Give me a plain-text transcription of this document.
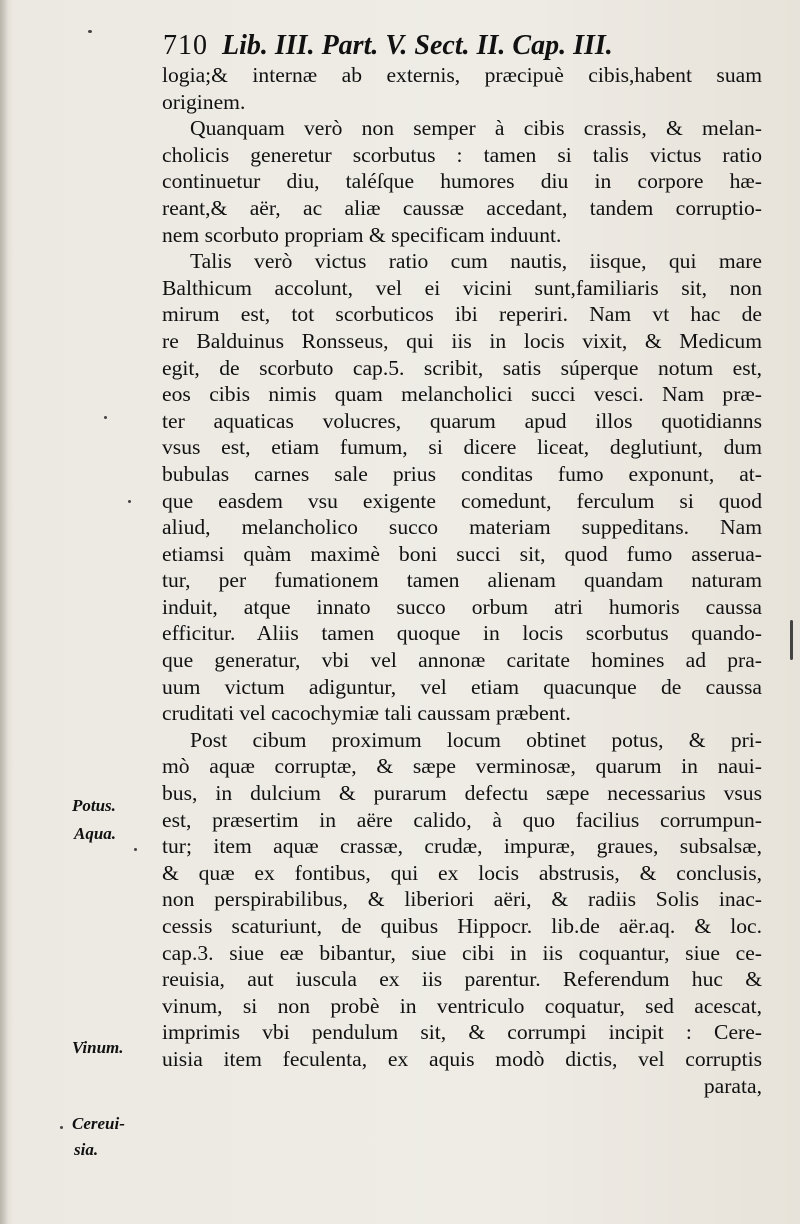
710 Lib. III. Part. V. Sect. II. Cap. III.
logia;& internæ ab externis, præcipuè cibis,habent suam
originem.
Quanquam verò non semper à cibis crassis, & melan-
cholicis generetur scorbutus : tamen si talis victus ratio
continuetur diu, taléſque humores diu in corpore hæ-
reant,& aër, ac aliæ caussæ accedant, tandem corruptio-
nem scorbuto propriam & specificam induunt.
Talis verò victus ratio cum nautis, iisque, qui mare
Balthicum accolunt, vel ei vicini sunt,familiaris sit, non
mirum est, tot scorbuticos ibi reperiri. Nam vt hac de
re Balduinus Ronsseus, qui iis in locis vixit, & Medicum
egit, de scorbuto cap.5. scribit, satis súperque notum est,
eos cibis nimis quam melancholici succi vesci. Nam præ-
ter aquaticas volucres, quarum apud illos quotidianns
vsus est, etiam fumum, si dicere liceat, deglutiunt, dum
bubulas carnes sale prius conditas fumo exponunt, at-
que easdem vsu exigente comedunt, ferculum si quod
aliud, melancholico succo materiam suppeditans. Nam
etiamsi quàm maximè boni succi sit, quod fumo asserua-
tur, per fumationem tamen alienam quandam naturam
induit, atque innato succo orbum atri humoris caussa
efficitur. Aliis tamen quoque in locis scorbutus quando-
que generatur, vbi vel annonæ caritate homines ad pra-
uum victum adiguntur, vel etiam quacunque de caussa
cruditati vel cacochymiæ tali caussam præbent.
Post cibum proximum locum obtinet potus, & pri-
mò aquæ corruptæ, & sæpe verminosæ, quarum in naui-
bus, in dulcium & purarum defectu sæpe necessarius vsus
est, præsertim in aëre calido, à quo facilius corrumpun-
tur; item aquæ crassæ, crudæ, impuræ, graues, subsalsæ,
& quæ ex fontibus, qui ex locis abstrusis, & conclusis,
non perspirabilibus, & liberiori aëri, & radiis Solis inac-
cessis scaturiunt, de quibus Hippocr. lib.de aër.aq. & loc.
cap.3. siue eæ bibantur, siue cibi in iis coquantur, siue ce-
reuisia, aut iuscula ex iis parentur. Referendum huc &
vinum, si non probè in ventriculo coquatur, sed acescat,
imprimis vbi pendulum sit, & corrumpi incipit : Cere-
uisia item feculenta, ex aquis modò dictis, vel corruptis
parata,
Potus.
Aqua.
Vinum.
Cereui-
sia.
